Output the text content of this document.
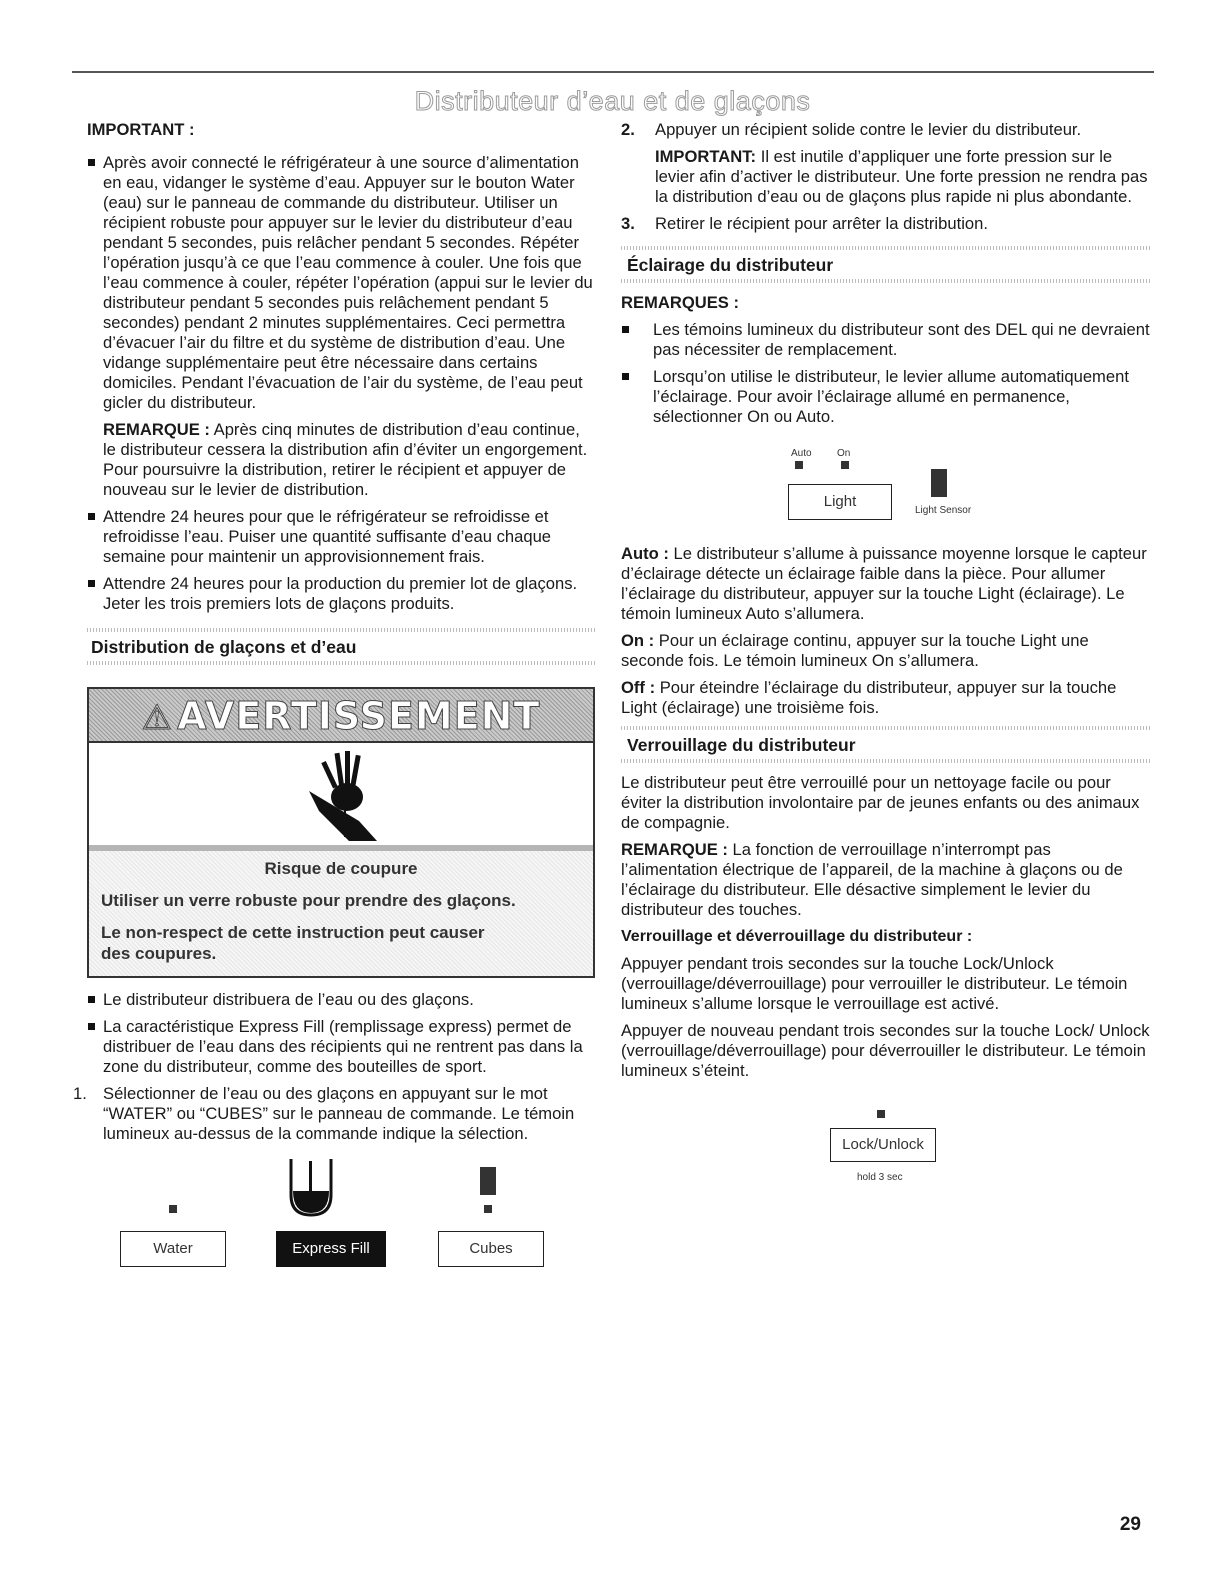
Distributeur d’eau et de glaçons
IMPORTANT :
Après avoir connecté le réfrigérateur à une source d’alimentation en eau, vidanger le système d’eau. Appuyer sur le bouton Water (eau) sur le panneau de commande du distributeur. Utiliser un récipient robuste pour appuyer sur le levier du distributeur d’eau pendant 5 secondes, puis relâcher pendant 5 secondes. Répéter l’opération jusqu’à ce que l’eau commence à couler. Une fois que l’eau commence à couler, répéter l’opération (appui sur le levier du distributeur pendant 5 secondes puis relâchement pendant 5 secondes) pendant 2 minutes supplémentaires. Ceci permettra d’évacuer l’air du filtre et du système de distribution d’eau. Une vidange supplémentaire peut être nécessaire dans certains domiciles. Pendant l’évacuation de l’air du système, de l’eau peut gicler du distributeur.
REMARQUE : Après cinq minutes de distribution d’eau continue, le distributeur cessera la distribution afin d’éviter un engorgement. Pour poursuivre la distribution, retirer le récipient et appuyer de nouveau sur le levier de distribution.
Attendre 24 heures pour que le réfrigérateur se refroidisse et refroidisse l’eau. Puiser une quantité suffisante d’eau chaque semaine pour maintenir un approvisionnement frais.
Attendre 24 heures pour la production du premier lot de glaçons. Jeter les trois premiers lots de glaçons produits.
Distribution de glaçons et d’eau
⚠ AVERTISSEMENT
Risque de coupure
Utiliser un verre robuste pour prendre des glaçons.
Le non-respect de cette instruction peut causer des coupures.
Le distributeur distribuera de l’eau ou des glaçons.
La caractéristique Express Fill (remplissage express) permet de distribuer de l’eau dans des récipients qui ne rentrent pas dans la zone du distributeur, comme des bouteilles de sport.
1. Sélectionner de l’eau ou des glaçons en appuyant sur le mot “WATER” ou “CUBES” sur le panneau de commande. Le témoin lumineux au-dessus de la commande indique la sélection.
Water	Express Fill	Cubes
2. Appuyer un récipient solide contre le levier du distributeur.
IMPORTANT: Il est inutile d’appliquer une forte pression sur le levier afin d’activer le distributeur. Une forte pression ne rendra pas la distribution d’eau ou de glaçons plus rapide ni plus abondante.
3. Retirer le récipient pour arrêter la distribution.
Éclairage du distributeur
REMARQUES :
Les témoins lumineux du distributeur sont des DEL qui ne devraient pas nécessiter de remplacement.
Lorsqu’on utilise le distributeur, le levier allume automatiquement l’éclairage. Pour avoir l’éclairage allumé en permanence, sélectionner On ou Auto.
Auto	On
Light
Light Sensor
Auto : Le distributeur s’allume à puissance moyenne lorsque le capteur d’éclairage détecte un éclairage faible dans la pièce. Pour allumer l’éclairage du distributeur, appuyer sur la touche Light (éclairage). Le témoin lumineux Auto s’allumera.
On : Pour un éclairage continu, appuyer sur la touche Light une seconde fois. Le témoin lumineux On s’allumera.
Off : Pour éteindre l’éclairage du distributeur, appuyer sur la touche Light (éclairage) une troisième fois.
Verrouillage du distributeur
Le distributeur peut être verrouillé pour un nettoyage facile ou pour éviter la distribution involontaire par de jeunes enfants ou des animaux de compagnie.
REMARQUE : La fonction de verrouillage n’interrompt pas l’alimentation électrique de l’appareil, de la machine à glaçons ou de l’éclairage du distributeur. Elle désactive simplement le levier du distributeur des touches.
Verrouillage et déverrouillage du distributeur :
Appuyer pendant trois secondes sur la touche Lock/Unlock (verrouillage/déverrouillage) pour verrouiller le distributeur. Le témoin lumineux s’allume lorsque le verrouillage est activé.
Appuyer de nouveau pendant trois secondes sur la touche Lock/ Unlock (verrouillage/déverrouillage) pour déverrouiller le distributeur. Le témoin lumineux s’éteint.
Lock/Unlock
hold 3 sec
29
